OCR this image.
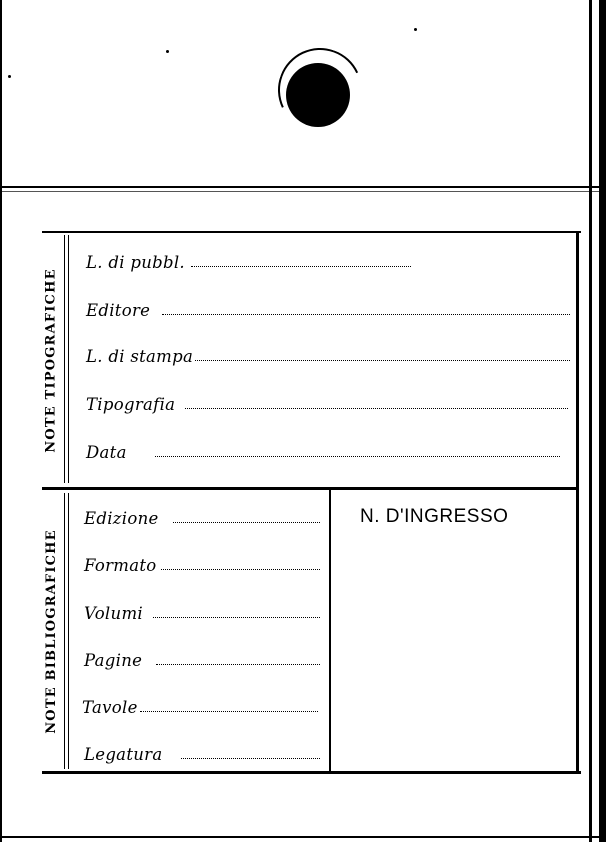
NOTE TIPOGRAFICHE
NOTE BIBLIOGRAFICHE
L. di pubbl.
Editore
L. di stampa
Tipografia
Data
Edizione
Formato
Volumi
Pagine
Tavole
Legatura
N. D'INGRESSO
